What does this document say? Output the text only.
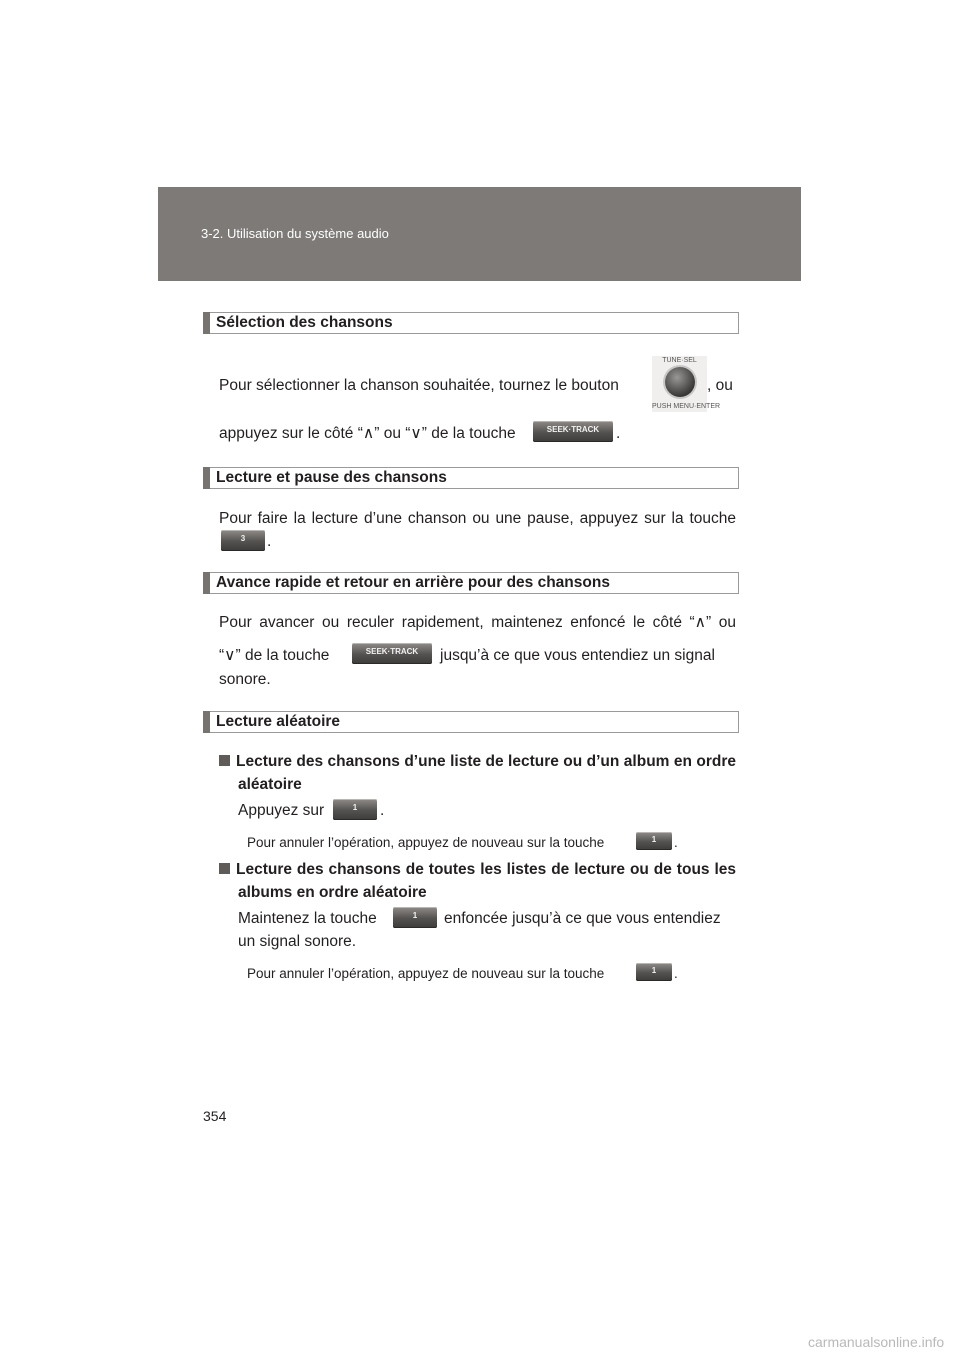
3-2. Utilisation du système audio
Sélection des chansons
Pour sélectionner la chanson souhaitée, tournez le bouton
TUNE·SEL
PUSH MENU·ENTER
, ou
appuyez sur le côté “∧” ou “∨” de la touche	SEEK·TRACK	.
Lecture et pause des chansons
Pour faire la lecture d’une chanson ou une pause, appuyez sur la touche
3	.
Avance rapide et retour en arrière pour des chansons
Pour avancer ou reculer rapidement, maintenez enfoncé le côté “∧” ou
“∨” de la touche	SEEK·TRACK	jusqu’à ce que vous entendiez un signal
sonore.
Lecture aléatoire
Lecture des chansons d’une liste de lecture ou d’un album en ordre
aléatoire
Appuyez sur	1	.
Pour annuler l’opération, appuyez de nouveau sur la touche	1	.
Lecture des chansons de toutes les listes de lecture ou de tous les
albums en ordre aléatoire
Maintenez la touche	1	enfoncée jusqu’à ce que vous entendiez
un signal sonore.
Pour annuler l’opération, appuyez de nouveau sur la touche	1	.
354
carmanualsonline.info
